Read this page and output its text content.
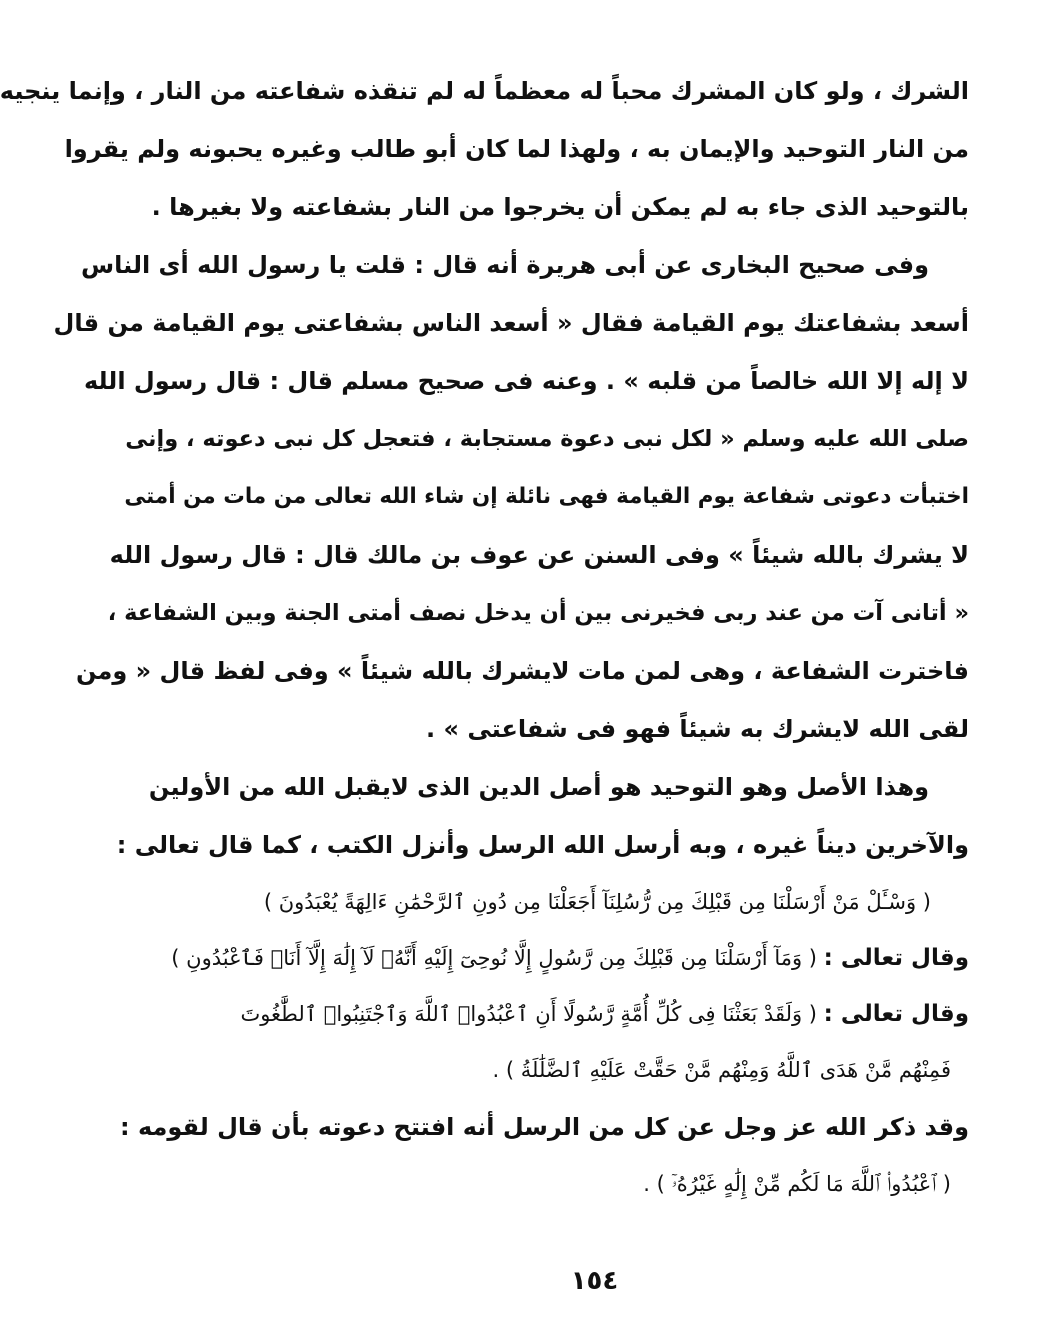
الشرك ، ولو كان المشرك محباً له معظماً له لم تنقذه شفاعته من النار ، وإنما ينجيه
من النار التوحيد والإيمان به ، ولهذا لما كان أبو طالب وغيره يحبونه ولم يقروا
بالتوحيد الذى جاء به لم يمكن أن يخرجوا من النار بشفاعته ولا بغيرها .
وفى صحيح البخارى عن أبى هريرة أنه قال : قلت يا رسول الله أى الناس
أسعد بشفاعتك يوم القيامة فقال « أسعد الناس بشفاعتى يوم القيامة من قال
لا إله إلا الله خالصاً من قلبه » . وعنه فى صحيح مسلم قال : قال رسول الله
صلى الله عليه وسلم « لكل نبى دعوة مستجابة ، فتعجل كل نبى دعوته ، وإنى
اختبأت دعوتى شفاعة يوم القيامة فهى نائلة إن شاء الله تعالى من مات من أمتى
لا يشرك بالله شيئاً » وفى السنن عن عوف بن مالك قال : قال رسول الله
« أتانى آت من عند ربى فخيرنى بين أن يدخل نصف أمتى الجنة وبين الشفاعة ،
فاخترت الشفاعة ، وهى لمن مات لايشرك بالله شيئاً » وفى لفظ قال « ومن
لقى الله لايشرك به شيئاً فهو فى شفاعتى » .
وهذا الأصل وهو التوحيد هو أصل الدين الذى لايقبل الله من الأولين
والآخرين ديناً غيره ، وبه أرسل الله الرسل وأنزل الكتب ، كما قال تعالى :
( وَسْـَٔلْ مَنْ أَرْسَلْنَا مِن قَبْلِكَ مِن رُّسُلِنَآ أَجَعَلْنَا مِن دُونِ ٱلرَّحْمَٰنِ ءَالِهَةً يُعْبَدُونَ )
وقال تعالى : ( وَمَآ أَرْسَلْنَا مِن قَبْلِكَ مِن رَّسُولٍ إِلَّا نُوحِىٓ إِلَيْهِ أَنَّهُۥ لَآ إِلَٰهَ إِلَّآ أَنَا۠ فَٱعْبُدُونِ )
وقال تعالى : ( وَلَقَدْ بَعَثْنَا فِى كُلِّ أُمَّةٍ رَّسُولًا أَنِ ٱعْبُدُوا۟ ٱللَّهَ وَٱجْتَنِبُوا۟ ٱلطَّٰغُوتَ
فَمِنْهُم مَّنْ هَدَى ٱللَّهُ وَمِنْهُم مَّنْ حَقَّتْ عَلَيْهِ ٱلضَّلَٰلَةُ ) .
وقد ذكر الله عز وجل عن كل من الرسل أنه افتتح دعوته بأن قال لقومه :
( ٱعْبُدُوا۟ ٱللَّهَ مَا لَكُم مِّنْ إِلَٰهٍ غَيْرُهُۥٓ ) .
١٥٤
